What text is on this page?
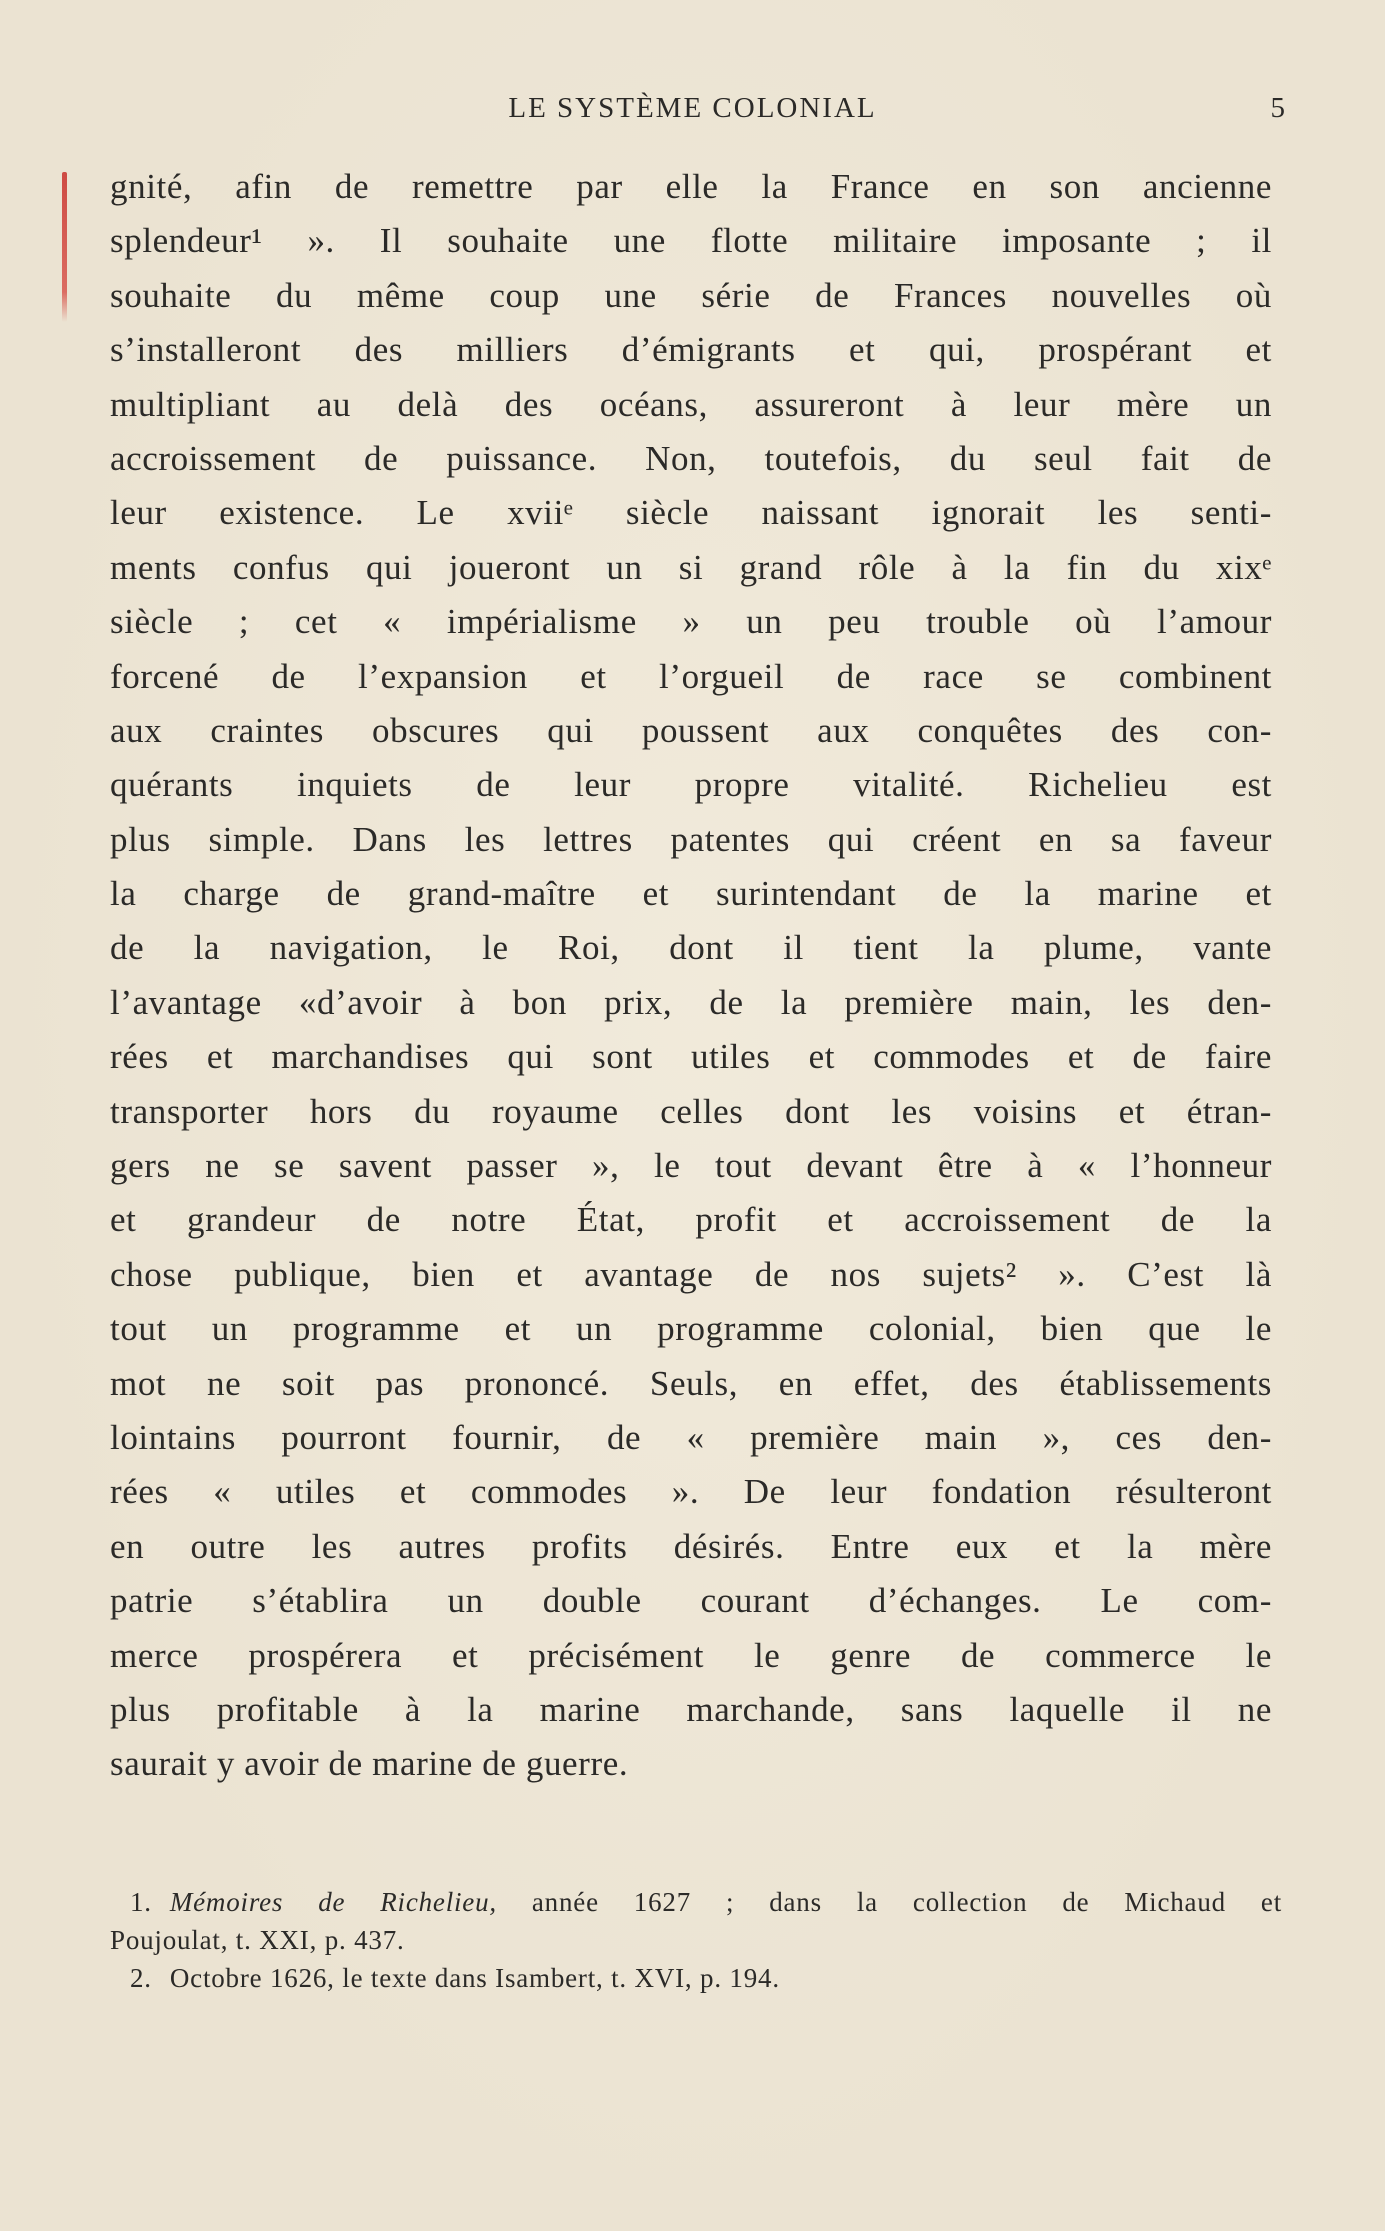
LE SYSTÈME COLONIAL	5
gnité, afin de remettre par elle la France en son ancienne
splendeur¹ ». Il souhaite une flotte militaire imposante ; il
souhaite du même coup une série de Frances nouvelles où
s’installeront des milliers d’émigrants et qui, prospérant et
multipliant au delà des océans, assureront à leur mère un
accroissement de puissance. Non, toutefois, du seul fait de
leur existence. Le xviiᵉ siècle naissant ignorait les senti-
ments confus qui joueront un si grand rôle à la fin du xixᵉ
siècle ; cet « impérialisme » un peu trouble où l’amour
forcené de l’expansion et l’orgueil de race se combinent
aux craintes obscures qui poussent aux conquêtes des con-
quérants inquiets de leur propre vitalité. Richelieu est
plus simple. Dans les lettres patentes qui créent en sa faveur
la charge de grand-maître et surintendant de la marine et
de la navigation, le Roi, dont il tient la plume, vante
l’avantage «d’avoir à bon prix, de la première main, les den-
rées et marchandises qui sont utiles et commodes et de faire
transporter hors du royaume celles dont les voisins et étran-
gers ne se savent passer », le tout devant être à « l’honneur
et grandeur de notre État, profit et accroissement de la
chose publique, bien et avantage de nos sujets² ». C’est là
tout un programme et un programme colonial, bien que le
mot ne soit pas prononcé. Seuls, en effet, des établissements
lointains pourront fournir, de « première main », ces den-
rées « utiles et commodes ». De leur fondation résulteront
en outre les autres profits désirés. Entre eux et la mère
patrie s’établira un double courant d’échanges. Le com-
merce prospérera et précisément le genre de commerce le
plus profitable à la marine marchande, sans laquelle il ne
saurait y avoir de marine de guerre.
1. Mémoires de Richelieu, année 1627 ; dans la collection de Michaud et
Poujoulat, t. XXI, p. 437.
2. Octobre 1626, le texte dans Isambert, t. XVI, p. 194.
